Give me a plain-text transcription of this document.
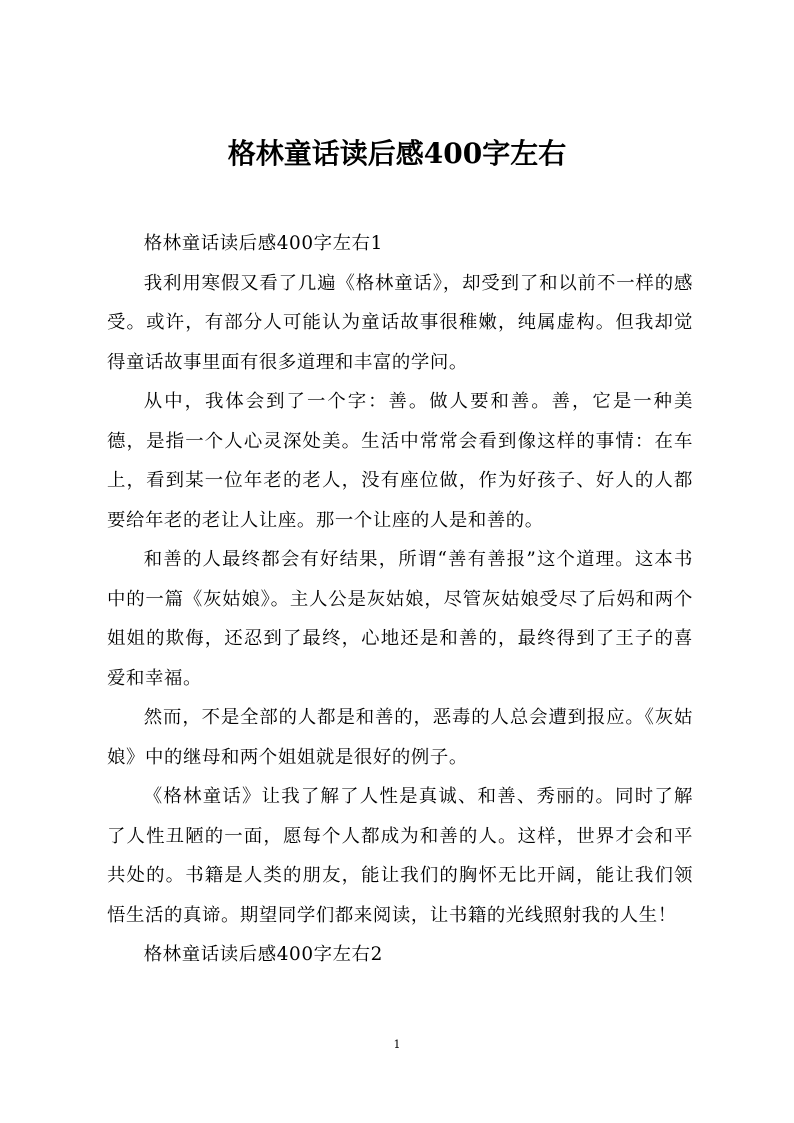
格林童话读后感400字左右

格林童话读后感400字左右1

我利用寒假又看了几遍《格林童话》，却受到了和以前不一样的感受。或许，有部分人可能认为童话故事很稚嫩，纯属虚构。但我却觉得童话故事里面有很多道理和丰富的学问。

从中，我体会到了一个字：善。做人要和善。善，它是一种美德，是指一个人心灵深处美。生活中常常会看到像这样的事情：在车上，看到某一位年老的老人，没有座位做，作为好孩子、好人的人都要给年老的老让人让座。那一个让座的人是和善的。

和善的人最终都会有好结果，所谓“善有善报”这个道理。这本书中的一篇《灰姑娘》。主人公是灰姑娘，尽管灰姑娘受尽了后妈和两个姐姐的欺侮，还忍到了最终，心地还是和善的，最终得到了王子的喜爱和幸福。

然而，不是全部的人都是和善的，恶毒的人总会遭到报应。《灰姑娘》中的继母和两个姐姐就是很好的例子。

《格林童话》让我了解了人性是真诚、和善、秀丽的。同时了解了人性丑陋的一面，愿每个人都成为和善的人。这样，世界才会和平共处的。书籍是人类的朋友，能让我们的胸怀无比开阔，能让我们领悟生活的真谛。期望同学们都来阅读，让书籍的光线照射我的人生！

格林童话读后感400字左右2

1
